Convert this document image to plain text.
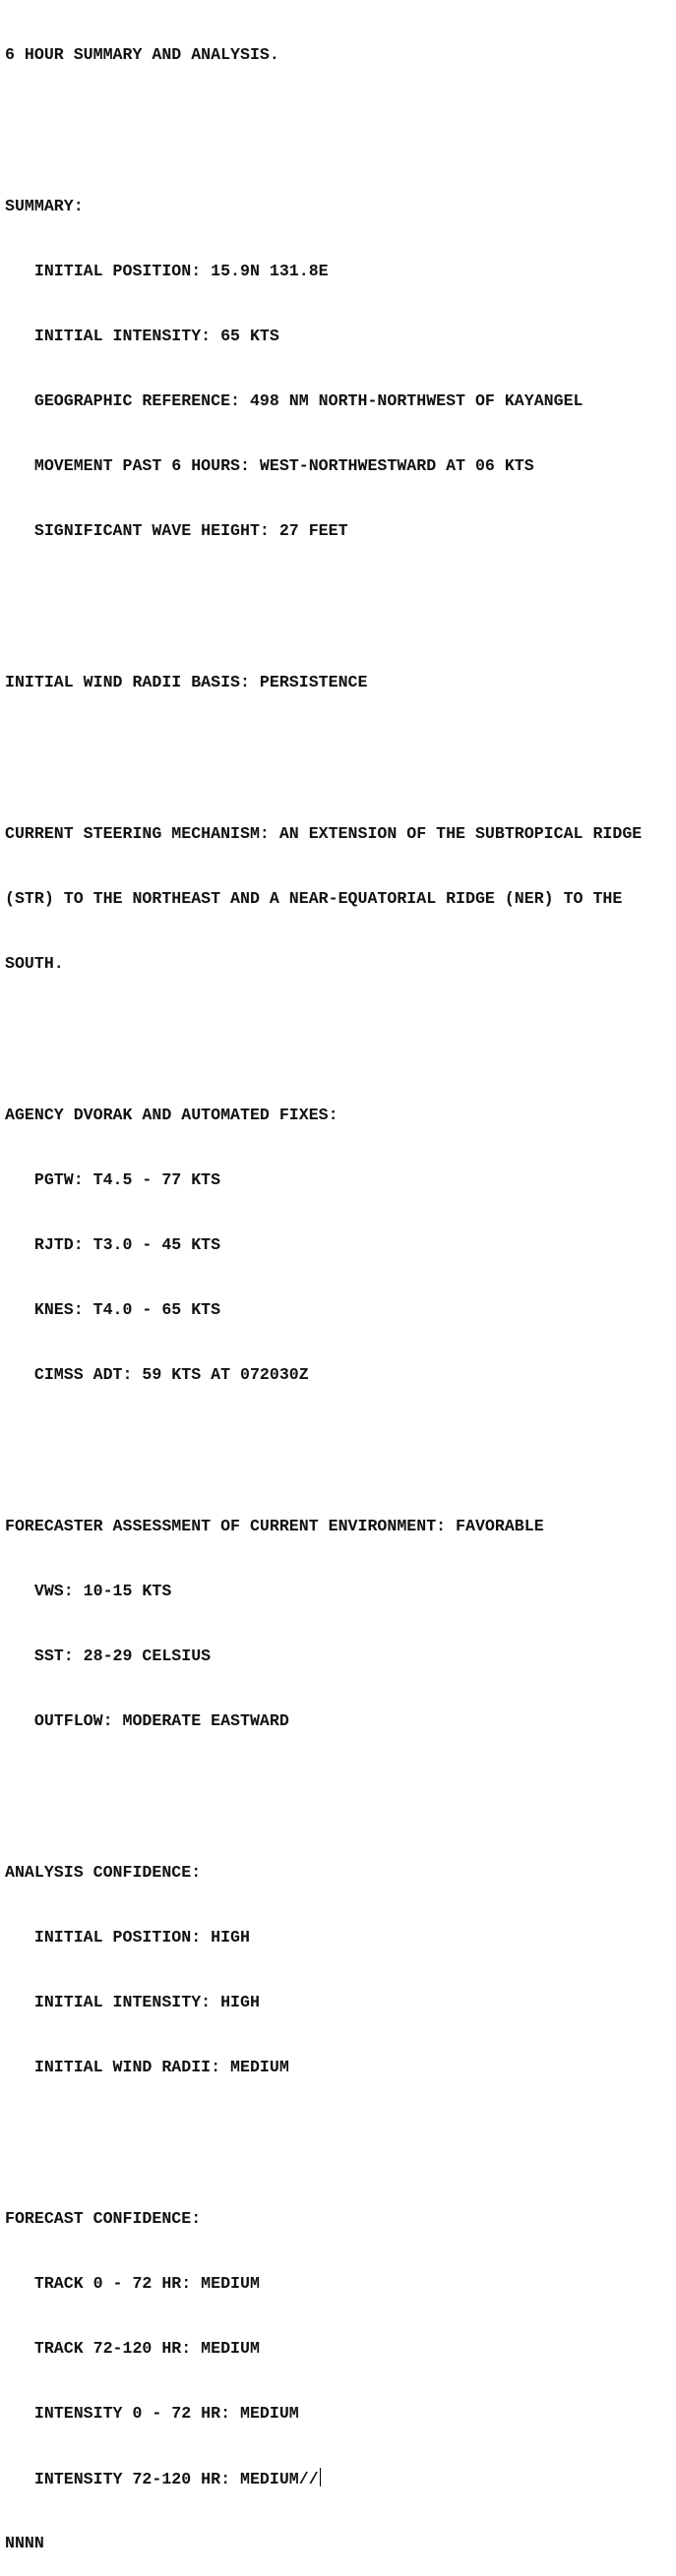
6 HOUR SUMMARY AND ANALYSIS.

SUMMARY:

INITIAL POSITION: 15.9N 131.8E

INITIAL INTENSITY: 65 KTS

GEOGRAPHIC REFERENCE: 498 NM NORTH-NORTHWEST OF KAYANGEL

MOVEMENT PAST 6 HOURS: WEST-NORTHWESTWARD AT 06 KTS

SIGNIFICANT WAVE HEIGHT: 27 FEET

INITIAL WIND RADII BASIS: PERSISTENCE

CURRENT STEERING MECHANISM: AN EXTENSION OF THE SUBTROPICAL RIDGE

(STR) TO THE NORTHEAST AND A NEAR-EQUATORIAL RIDGE (NER) TO THE

SOUTH.

AGENCY DVORAK AND AUTOMATED FIXES:

PGTW: T4.5 - 77 KTS

RJTD: T3.0 - 45 KTS

KNES: T4.0 - 65 KTS

CIMSS ADT: 59 KTS AT 072030Z

FORECASTER ASSESSMENT OF CURRENT ENVIRONMENT: FAVORABLE

VWS: 10-15 KTS

SST: 28-29 CELSIUS

OUTFLOW: MODERATE EASTWARD

ANALYSIS CONFIDENCE:

INITIAL POSITION: HIGH

INITIAL INTENSITY: HIGH

INITIAL WIND RADII: MEDIUM

FORECAST CONFIDENCE:

TRACK 0 - 72 HR: MEDIUM

TRACK 72-120 HR: MEDIUM

INTENSITY 0 - 72 HR: MEDIUM

INTENSITY 72-120 HR: MEDIUM//

NNNN
